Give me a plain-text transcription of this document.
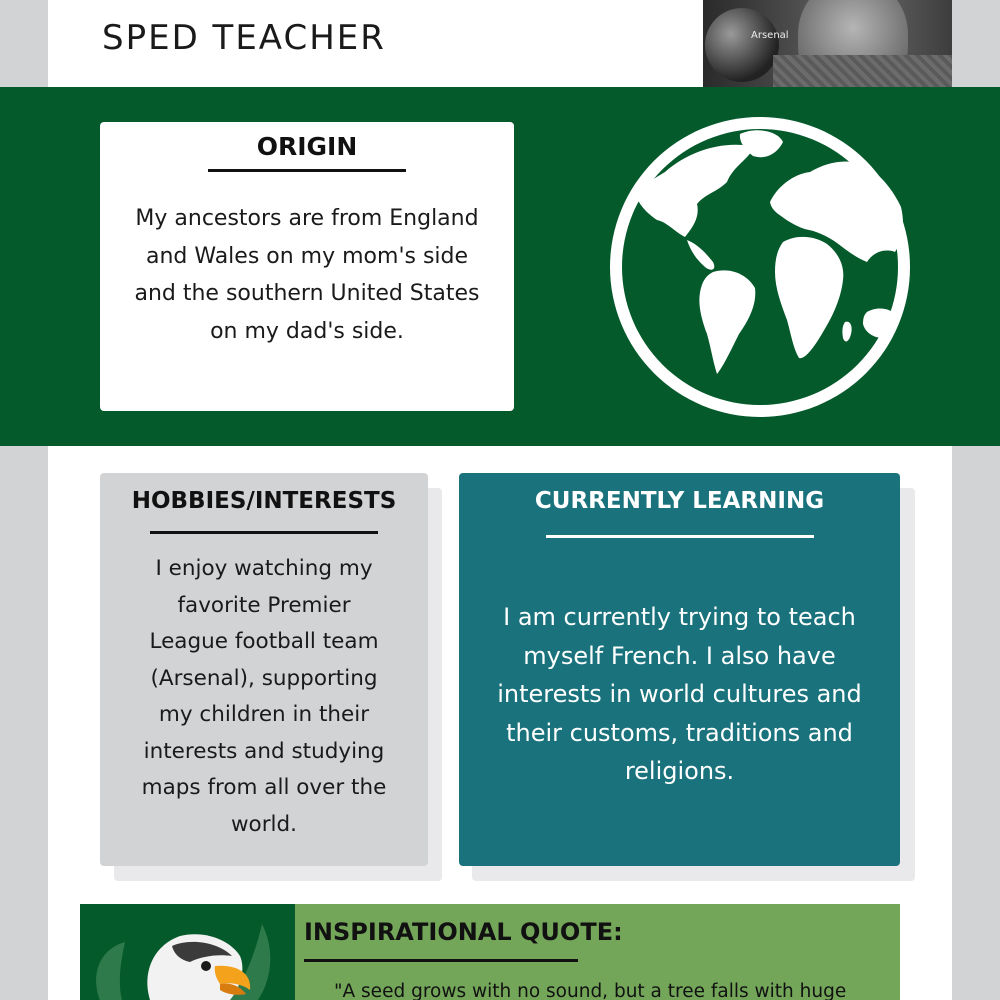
SPED TEACHER	Arsenal
ORIGIN
My ancestors are from England
and Wales on my mom's side
and the southern United States
on my dad's side.
HOBBIES/INTERESTS
I enjoy watching my
favorite Premier
League football team
(Arsenal), supporting
my children in their
interests and studying
maps from all over the
world.
CURRENTLY LEARNING
I am currently trying to teach
myself French. I also have
interests in world cultures and
their customs, traditions and
religions.
INSPIRATIONAL QUOTE:
"A seed grows with no sound, but a tree falls with huge
